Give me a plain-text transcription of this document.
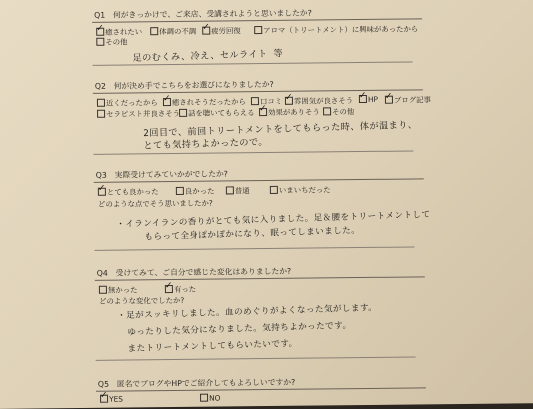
Q1　何がきっかけで、ご来店、受講されようと思いましたか?
✓癒されたい	体調の不調 ✓	疲労回復	アロマ（トリートメント）に興味があったから
その他
足のむくみ、冷え、セルライト 等
Q2　何が決め手でこちらをお選びになりましたか?
近くだったから ✓	癒されそうだったから	口コミ ✓	雰囲気が良さそう ✓	HP ✓	ブログ記事
セラピスト并良さそう	話を聴いてもらえる ✓	効果がありそう	その他
2回目で、前回トリートメントをしてもらった時、体が温まり、
とても気持ちよかったので。
Q3　実際受けてみていかがでしたか?
✓とても良かった	良かった	普通	いまいちだった
どのような点でそう思いましたか?
・イランイランの香りがとても気に入りました。足＆腰をトリートメントして
もらって全身ぽかぽかになり、眠ってしまいました。
Q4　受けてみて、ご自分で感じた変化はありましたか?
無かった ✓	有った
どのような変化でしたか?
・足がスッキリしました。血のめぐりがよくなった気がします。
ゆったりした気分になりました。気持ちよかったです。
またトリートメントしてもらいたいです。
Q5　匿名でブログやHPでご紹介してもよろしいですか?
✓YES	NO
